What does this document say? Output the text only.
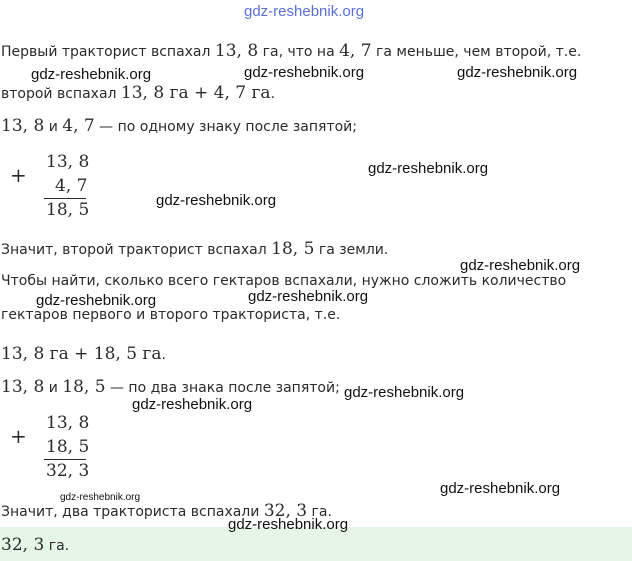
gdz-reshebnik.org
Первый тракторист вспахал 13, 8 га, что на 4, 7 га меньше, чем второй, т.е.
gdz-reshebnik.org	gdz-reshebnik.org	gdz-reshebnik.org
второй вспахал 13, 8 га + 4, 7 га.
13, 8 и 4, 7 — по одному знаку после запятой;
+
13, 8
4, 7
18, 5
gdz-reshebnik.org
gdz-reshebnik.org
Значит, второй тракторист вспахал 18, 5 га земли.
gdz-reshebnik.org
Чтобы найти, сколько всего гектаров вспахали, нужно сложить количество
gdz-reshebnik.org	gdz-reshebnik.org
гектаров первого и второго тракториста, т.е.
13, 8 га + 18, 5 га.
13, 8 и 18, 5 — по два знака после запятой; gdz-reshebnik.org
gdz-reshebnik.org
+
13, 8
18, 5
32, 3
gdz-reshebnik.org
gdz-reshebnik.org
Значит, два тракториста вспахали 32, 3 га.
gdz-reshebnik.org
32, 3 га.
